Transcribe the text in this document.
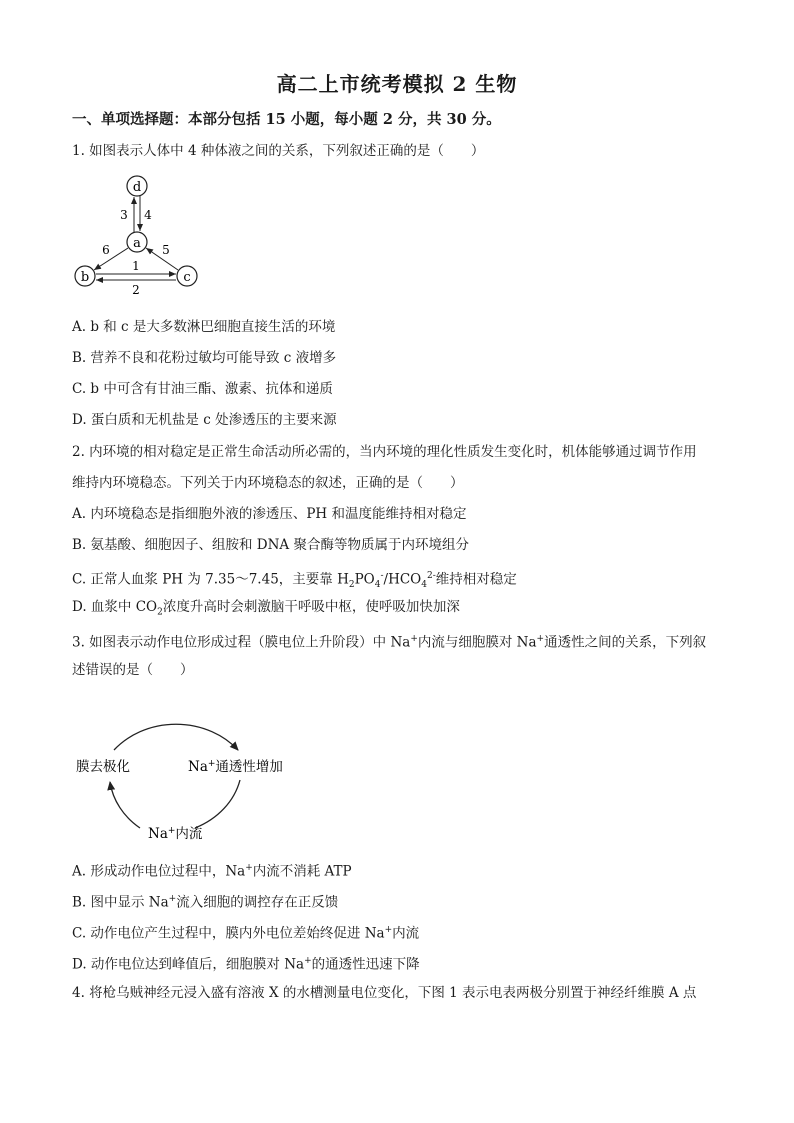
高二上市统考模拟 2 生物
一、单项选择题：本部分包括 15 小题，每小题 2 分，共 30 分。
1. 如图表示人体中 4 种体液之间的关系，下列叙述正确的是（　　）
d
a
b	c
3 4
6	5
1
2
A. b 和 c 是大多数淋巴细胞直接生活的环境
B. 营养不良和花粉过敏均可能导致 c 液增多
C. b 中可含有甘油三酯、激素、抗体和递质
D. 蛋白质和无机盐是 c 处渗透压的主要来源
2. 内环境的相对稳定是正常生命活动所必需的，当内环境的理化性质发生变化时，机体能够通过调节作用
维持内环境稳态。下列关于内环境稳态的叙述，正确的是（　　）
A. 内环境稳态是指细胞外液的渗透压、PH 和温度能维持相对稳定
B. 氨基酸、细胞因子、组胺和 DNA 聚合酶等物质属于内环境组分
C. 正常人血浆 PH 为 7.35～7.45，主要靠 $H_2PO_4^-/HCO_4^{2-}$维持相对稳定
D. 血浆中 $CO_2$浓度升高时会刺激脑干呼吸中枢，使呼吸加快加深
3. 如图表示动作电位形成过程（膜电位上升阶段）中 Na+内流与细胞膜对 Na+通透性之间的关系，下列叙
述错误的是（　　）
膜去极化	Na+通透性增加
Na+内流
A. 形成动作电位过程中，Na+内流不消耗 ATP
B. 图中显示 Na+流入细胞的调控存在正反馈
C. 动作电位产生过程中，膜内外电位差始终促进 Na+内流
D. 动作电位达到峰值后，细胞膜对 Na+的通透性迅速下降
4. 将枪乌贼神经元浸入盛有溶液 X 的水槽测量电位变化，下图 1 表示电表两极分别置于神经纤维膜 A 点
